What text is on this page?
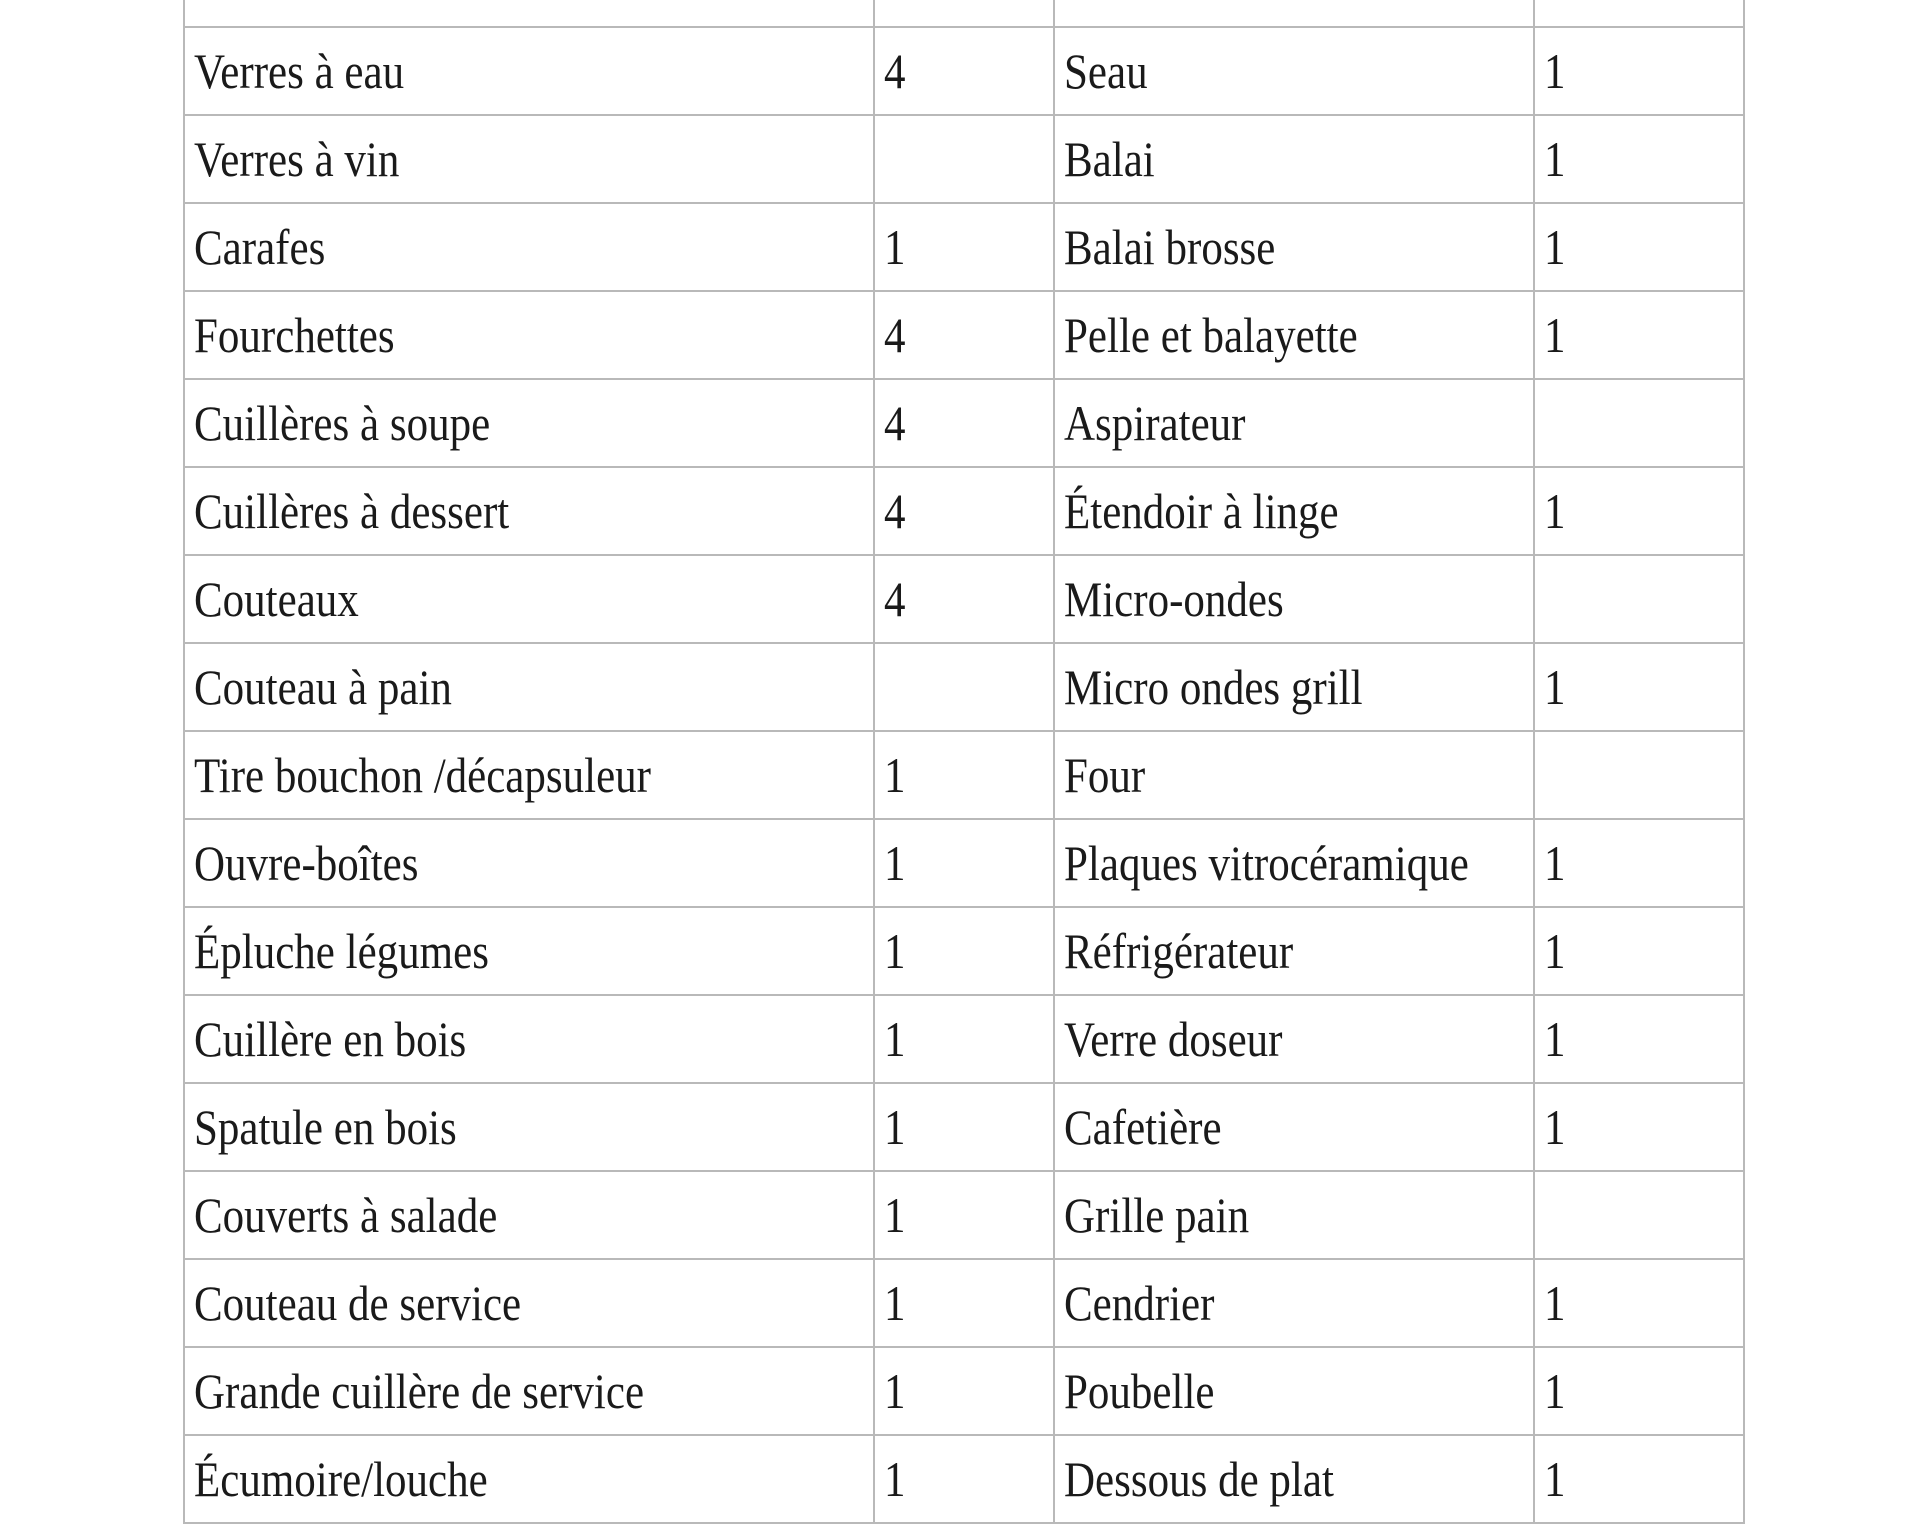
Verres à eau	4	Seau	1
Verres à vin		Balai	1
Carafes	1	Balai brosse	1
Fourchettes	4	Pelle et balayette	1
Cuillères à soupe	4	Aspirateur	
Cuillères à dessert	4	Étendoir à linge	1
Couteaux	4	Micro-ondes	
Couteau à pain		Micro ondes grill	1
Tire bouchon /décapsuleur	1	Four	
Ouvre-boîtes	1	Plaques vitrocéramique	1
Épluche légumes	1	Réfrigérateur	1
Cuillère en bois	1	Verre doseur	1
Spatule en bois	1	Cafetière	1
Couverts à salade	1	Grille pain	
Couteau de service	1	Cendrier	1
Grande cuillère de service	1	Poubelle	1
Écumoire/louche	1	Dessous de plat	1
